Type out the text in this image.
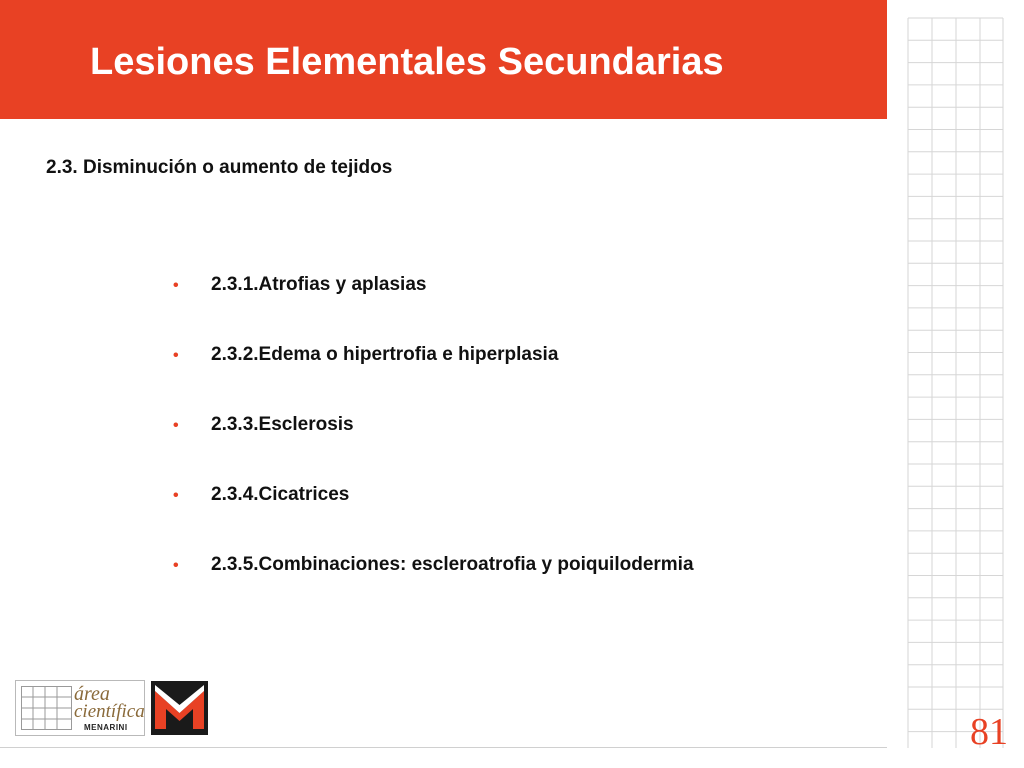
Lesiones Elementales Secundarias
2.3. Disminución o aumento de tejidos
• 2.3.1.Atrofias y aplasias
• 2.3.2.Edema o hipertrofia e hiperplasia
• 2.3.3.Esclerosis
• 2.3.4.Cicatrices
• 2.3.5.Combinaciones: escleroatrofia y poiquilodermia
área
científica
MENARINI	81
